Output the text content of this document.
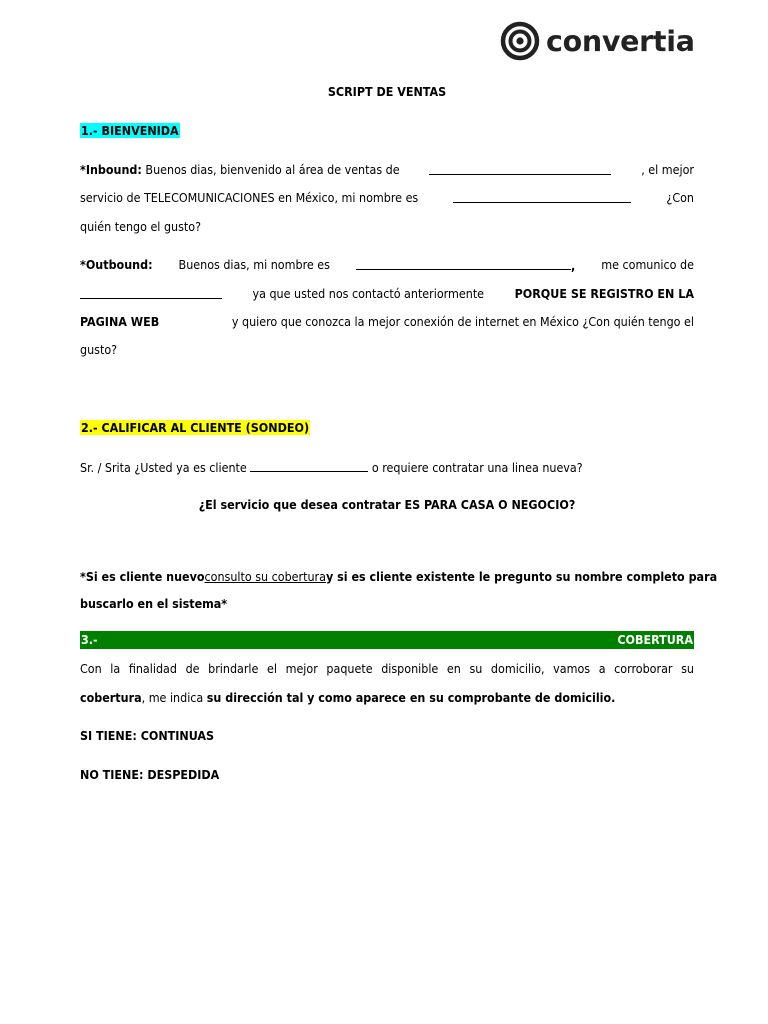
convertia
SCRIPT DE VENTAS
1.- BIENVENIDA
*Inbound: Buenos dias, bienvenido al área de ventas de	, el mejor
servicio de TELECOMUNICACIONES en México, mi nombre es	¿Con
quién tengo el gusto?
*Outbound: Buenos dias, mi nombre es	, me comunico de
ya que usted nos contactó anteriormente PORQUE SE REGISTRO EN LA
PAGINA WEB	y quiero que conozca la mejor conexión de internet en México ¿Con quién tengo el
gusto?
2.- CALIFICAR AL CLIENTE (SONDEO)
Sr. / Srita ¿Usted ya es cliente	o requiere contratar una linea nueva?
¿El servicio que desea contratar ES PARA CASA O NEGOCIO?
*Si es cliente nuevo consulto su cobertura y si es cliente existente le pregunto su nombre completo para
buscarlo en el sistema*
3.-	COBERTURA
Con la finalidad de brindarle el mejor paquete disponible en su domicilio, vamos a corroborar su
cobertura, me indica su dirección tal y como aparece en su comprobante de domicilio.
SI TIENE: CONTINUAS
NO TIENE: DESPEDIDA
